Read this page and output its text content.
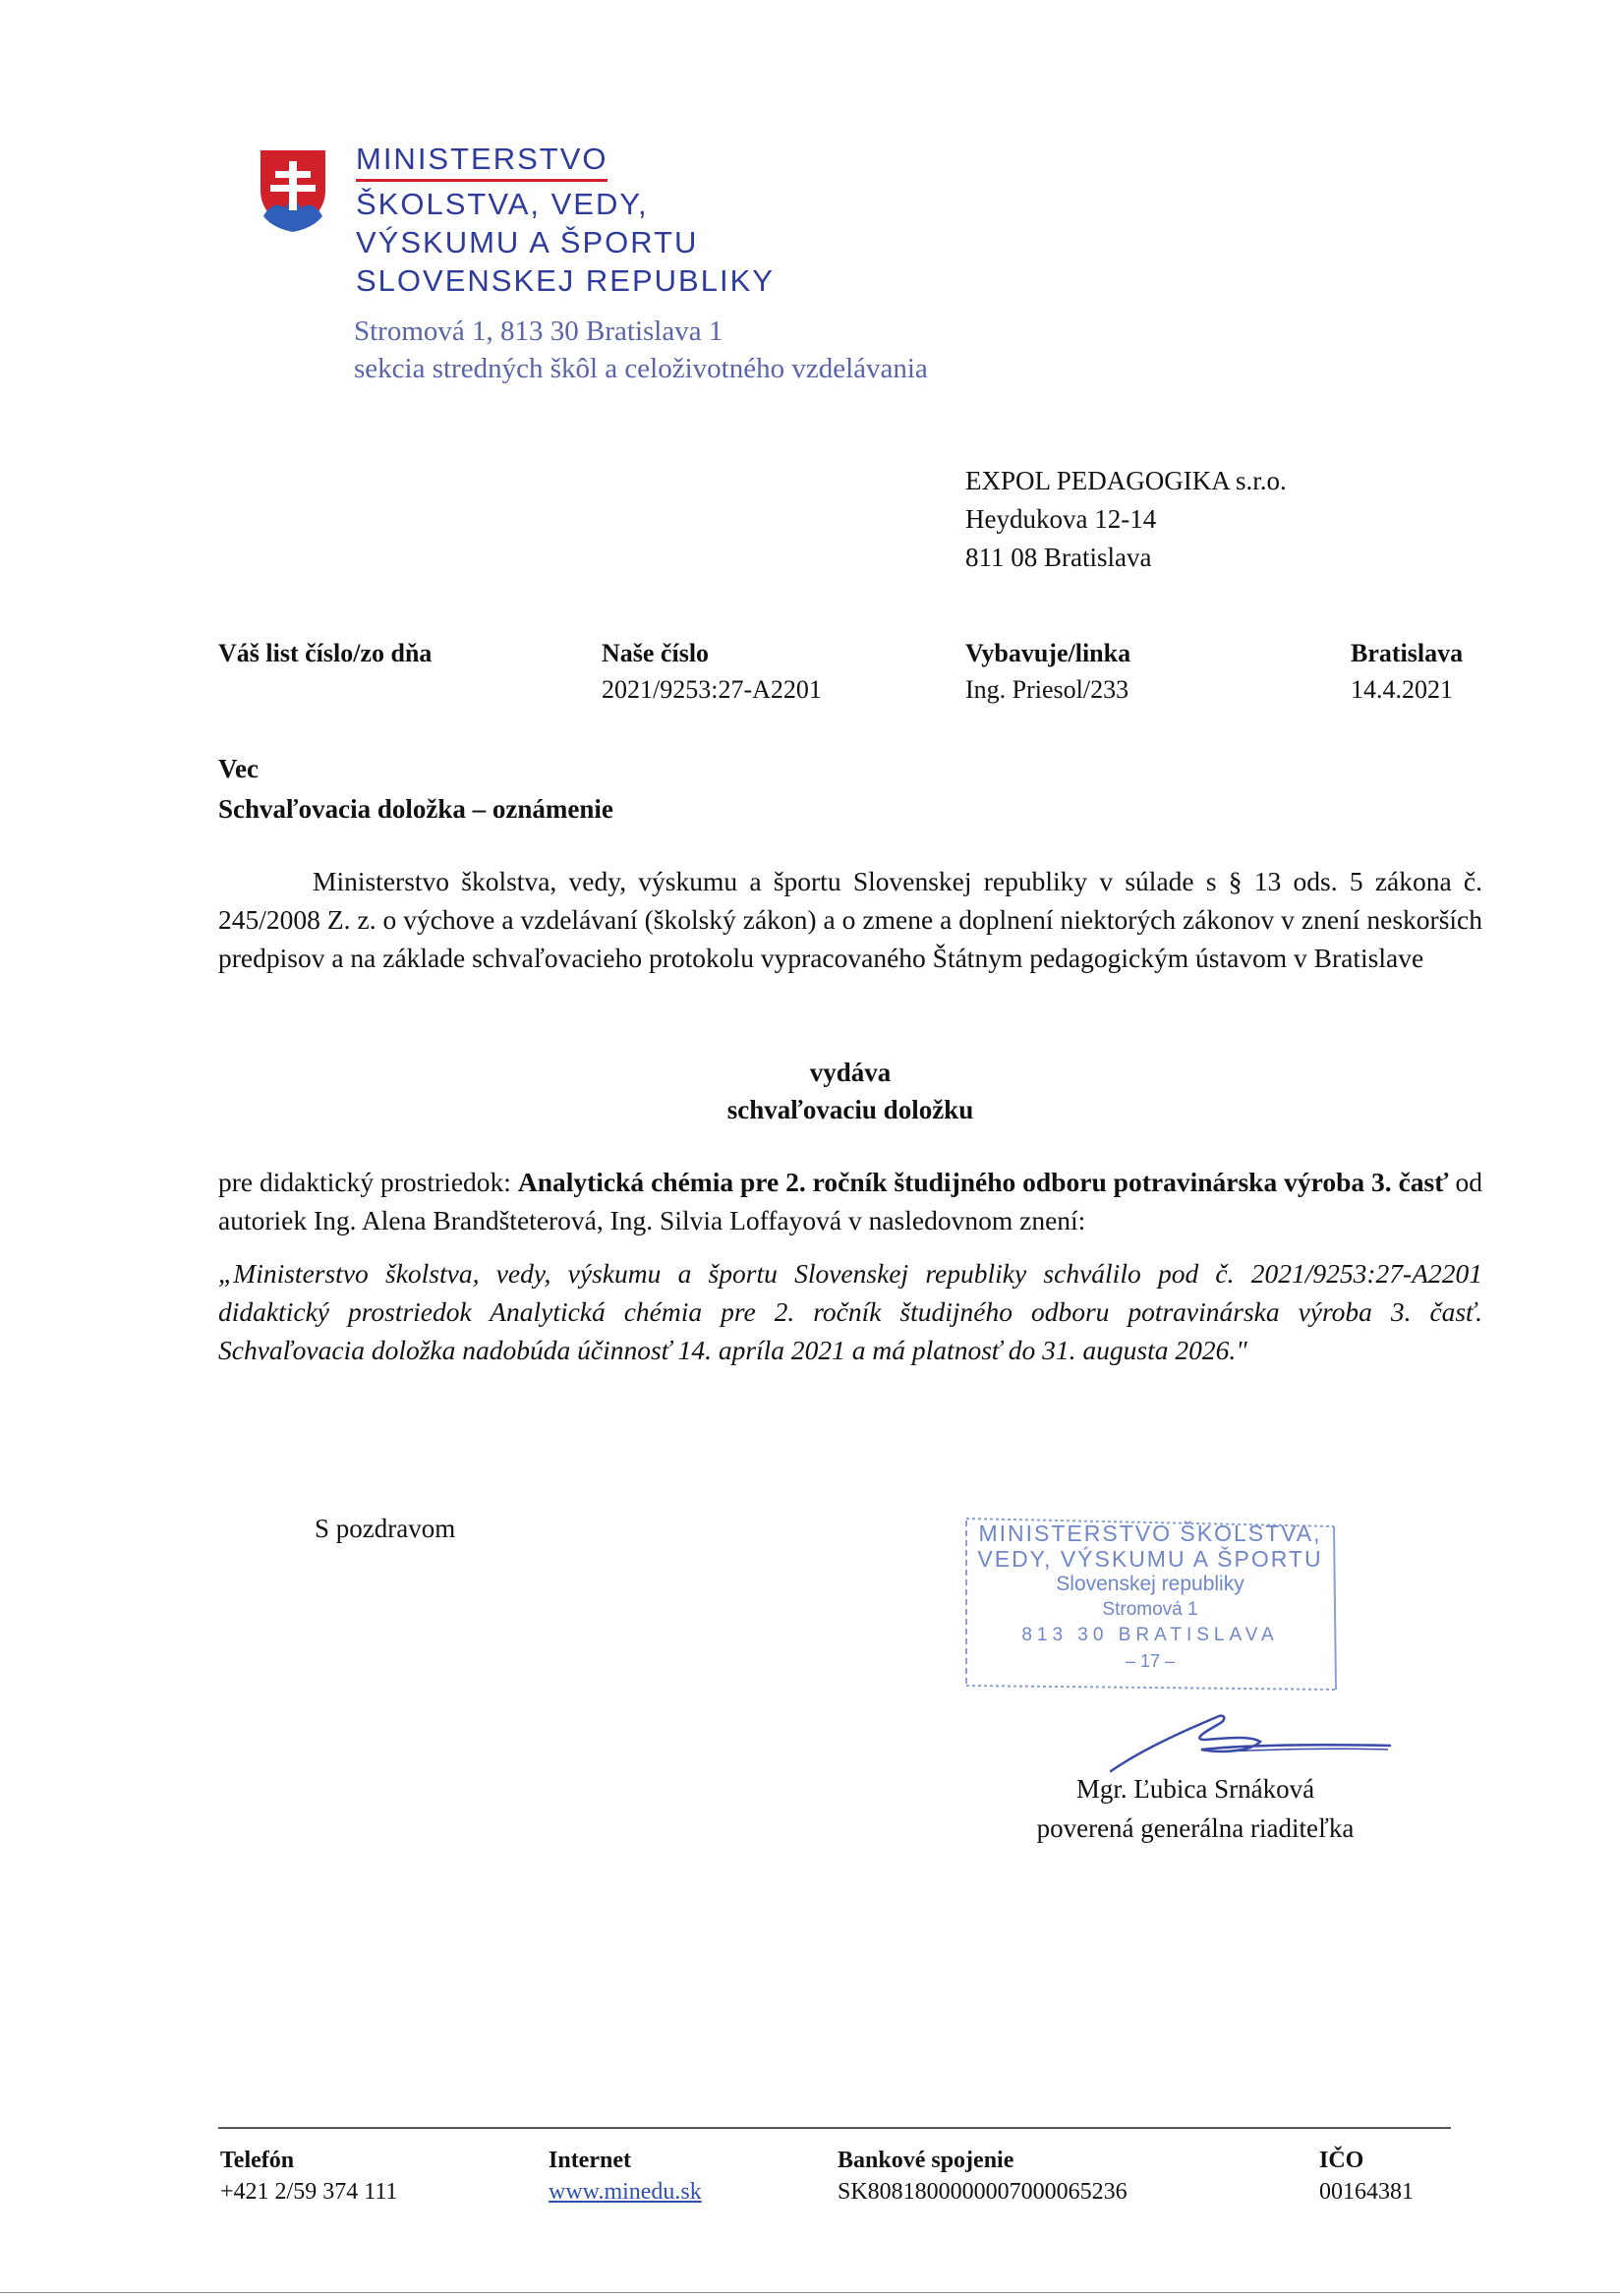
MINISTERSTVO
ŠKOLSTVA, VEDY,
VÝSKUMU A ŠPORTU
SLOVENSKEJ REPUBLIKY
Stromová 1, 813 30 Bratislava 1
sekcia stredných škôl a celoživotného vzdelávania
EXPOL PEDAGOGIKA s.r.o.
Heydukova 12-14
811 08 Bratislava
Váš list číslo/zo dňa	Naše číslo
2021/9253:27-A2201
Vybavuje/linka
Ing. Priesol/233
Bratislava
14.4.2021
Vec
Schvaľovacia doložka – oznámenie
Ministerstvo školstva, vedy, výskumu a športu Slovenskej republiky v súlade s § 13 ods. 5 zákona č. 245/2008 Z. z. o výchove a vzdelávaní (školský zákon) a o zmene a doplnení niektorých zákonov v znení neskorších predpisov a na základe schvaľovacieho protokolu vypracovaného Štátnym pedagogickým ústavom v Bratislave
vydáva
schvaľovaciu doložku
pre didaktický prostriedok: Analytická chémia pre 2. ročník študijného odboru potravinárska výroba 3. časť od autoriek Ing. Alena Brandšteterová, Ing. Silvia Loffayová v nasledovnom znení:
„Ministerstvo školstva, vedy, výskumu a športu Slovenskej republiky schválilo pod č. 2021/9253:27-A2201 didaktický prostriedok Analytická chémia pre 2. ročník študijného odboru potravinárska výroba 3. časť. Schvaľovacia doložka nadobúda účinnosť 14. apríla 2021 a má platnosť do 31. augusta 2026."
S pozdravom	MINISTERSTVO ŠKOLSTVA,
VEDY, VÝSKUMU A ŠPORTU
Slovenskej republiky
Stromová 1
813 30 BRATISLAVA
– 17 –
Mgr. Ľubica Srnáková
poverená generálna riaditeľka
Telefón
+421 2/59 374 111
Internet
www.minedu.sk
Bankové spojenie
SK8081800000007000065236
IČO
00164381
